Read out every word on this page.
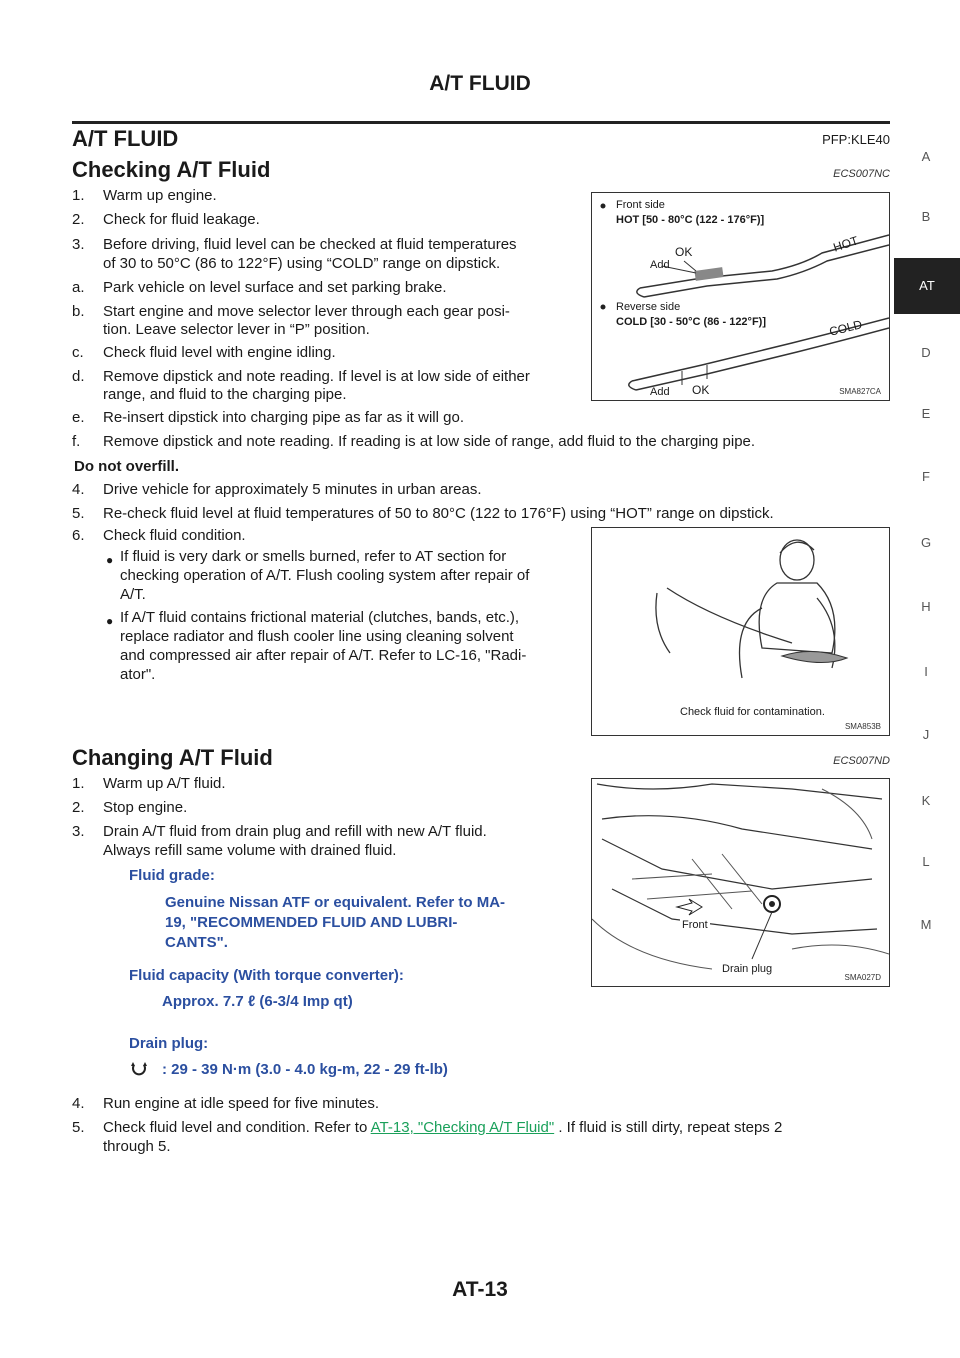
A/T FLUID
A/T FLUID	PFP:KLE40
Checking A/T Fluid	ECS007NC
1. Warm up engine.
2. Check for fluid leakage.
3. Before driving, fluid level can be checked at fluid temperatures
of 30 to 50°C (86 to 122°F) using “COLD” range on dipstick.
a. Park vehicle on level surface and set parking brake.
b. Start engine and move selector lever through each gear posi-
tion. Leave selector lever in “P” position.
c. Check fluid level with engine idling.
d. Remove dipstick and note reading. If level is at low side of either
range, and fluid to the charging pipe.
e. Re-insert dipstick into charging pipe as far as it will go.
f. Remove dipstick and note reading. If reading is at low side of range, add fluid to the charging pipe.
Do not overfill.
4. Drive vehicle for approximately 5 minutes in urban areas.
5. Re-check fluid level at fluid temperatures of 50 to 80°C (122 to 176°F) using “HOT” range on dipstick.
6. Check fluid condition.
● If fluid is very dark or smells burned, refer to AT section for
checking operation of A/T. Flush cooling system after repair of
A/T.
● If A/T fluid contains frictional material (clutches, bands, etc.),
replace radiator and flush cooler line using cleaning solvent
and compressed air after repair of A/T. Refer to LC-16, "Radi-
ator".
Front side
HOT [50 - 80°C (122 - 176°F)]
OK
Add
HOT
Reverse side
COLD [30 - 50°C (86 - 122°F)]	COLD
Add OK	SMA827CA
Check fluid for contamination.
SMA853B
Changing A/T Fluid	ECS007ND
1. Warm up A/T fluid.
2. Stop engine.
3. Drain A/T fluid from drain plug and refill with new A/T fluid.
Always refill same volume with drained fluid.
Fluid grade:
Genuine Nissan ATF or equivalent. Refer to MA-
19, "RECOMMENDED FLUID AND LUBRI-
CANTS".
Fluid capacity (With torque converter):
Approx. 7.7 ℓ (6-3/4 Imp qt)
Drain plug:
: 29 - 39 N·m (3.0 - 4.0 kg-m, 22 - 29 ft-lb)
4. Run engine at idle speed for five minutes.
5. Check fluid level and condition. Refer to AT-13, "Checking A/T Fluid" . If fluid is still dirty, repeat steps 2
through 5.
Front
Drain plug
SMA027D
A
B
AT
D
E
F
G
H
I
J
K
L
M
AT-13
